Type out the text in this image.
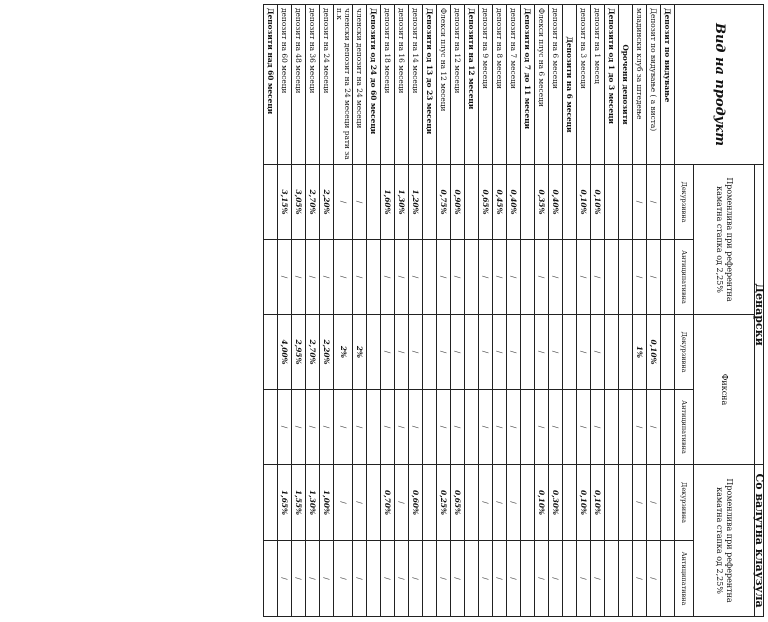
Вид на продукт	Денарски				Со валутна клаузула	
	Променлива при референтна каматна стапка од 2,25%		Фиксна		Променлива при референтна каматна стапка од 2,25%	
	Декурзивна	Антиципативна	Декурзивна	Антиципативна	Декурзивна	Антиципативна
Депозит по видување						
Депозит по видување ( а виста)	/	/	0,10%	/	/	/
младински клуб за штедење	/	/	1%	/	/	/
Орочени депозити						
Депозити од 1 до 3 месеци						
депозит на 1 месец	0,10%	/	/	/	0,10%	/
депозит на 3 месеци	0,10%	/	/	/	0,10%	/
Депозити на 6 месеци						
депозит на 6 месеци	0,40%	/	/	/	0,30%	/
Флекси плус на 6 месеци	0,35%	/	/	/	0,10%	/
Депозити од 7 до 11 месеци						
депозит на 7 месеци	0,40%	/	/	/	/	/
депозит на 8 месеци	0,45%	/	/	/	/	/
депозит на 9 месеци	0,65%	/	/	/	/	/
Депозити на 12 месеци						
депозит на 12 месеци	0,90%	/	/	/	0,65%	/
Флекси плус на 12 месеци	0,75%	/	/	/	0,25%	/
Депозити од 13 до 23 месеци						
депозит на 14 месеци	1,20%	/	/	/	0,60%	/
депозит на 16 месеци	1,30%	/	/	/	/	/
депозит на 18 месеци	1,60%	/	/	/	0,70%	/
Депозити од 24 до 60 месеци						
членски депозит на 24 месеци	/	/	2%	/	/	/
членски депозит на 24 месеци рати за п.к	/	/	2%	/	/	/
депозит на 24 месеци	2,20%	/	2,20%	/	1,00%	/
депозит на 36 месеци	2,70%	/	2,70%	/	1,30%	/
депозит на 48 месеци	3,05%	/	2,95%	/	1,55%	/
депозит на 60 месеци	3,15%	/	4,00%	/	1,65%	/
Депозити над 60 месеци						
